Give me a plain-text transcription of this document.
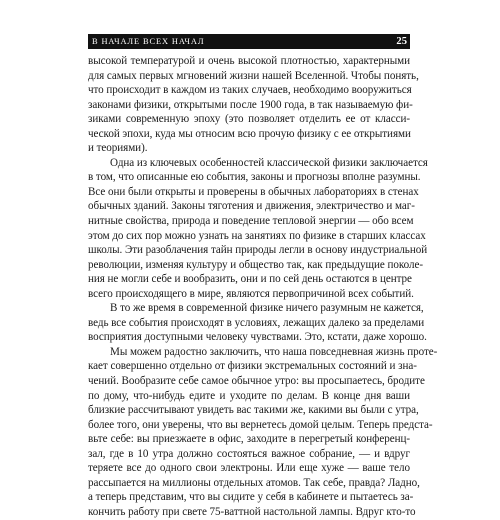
В НАЧАЛЕ ВСЕХ НАЧАЛ	25
высокой температурой и очень высокой плотностью, характерными
для самых первых мгновений жизни нашей Вселенной. Чтобы понять,
что происходит в каждом из таких случаев, необходимо вооружиться
законами физики, открытыми после 1900 года, в так называемую фи-
зиками современную эпоху (это позволяет отделить ее от класси-
ческой эпохи, куда мы относим всю прочую физику с ее открытиями
и теориями).
Одна из ключевых особенностей классической физики заключается
в том, что описанные ею события, законы и прогнозы вполне разумны.
Все они были открыты и проверены в обычных лабораториях в стенах
обычных зданий. Законы тяготения и движения, электричество и маг-
нитные свойства, природа и поведение тепловой энергии — обо всем
этом до сих пор можно узнать на занятиях по физике в старших классах
школы. Эти разоблачения тайн природы легли в основу индустриальной
революции, изменяя культуру и общество так, как предыдущие поколе-
ния не могли себе и вообразить, они и по сей день остаются в центре
всего происходящего в мире, являются первопричиной всех событий.
В то же время в современной физике ничего разумным не кажется,
ведь все события происходят в условиях, лежащих далеко за пределами
восприятия доступными человеку чувствами. Это, кстати, даже хорошо.
Мы можем радостно заключить, что наша повседневная жизнь проте-
кает совершенно отдельно от физики экстремальных состояний и зна-
чений. Вообразите себе самое обычное утро: вы просыпаетесь, бродите
по дому, что-нибудь едите и уходите по делам. В конце дня ваши
близкие рассчитывают увидеть вас такими же, какими вы были с утра,
более того, они уверены, что вы вернетесь домой целым. Теперь предста-
вьте себе: вы приезжаете в офис, заходите в перегретый конференц-
зал, где в 10 утра должно состояться важное собрание, — и вдруг
теряете все до одного свои электроны. Или еще хуже — ваше тело
рассыпается на миллионы отдельных атомов. Так себе, правда? Ладно,
а теперь представим, что вы сидите у себя в кабинете и пытаетесь за-
кончить работу при свете 75-ваттной настольной лампы. Вдруг кто-то
